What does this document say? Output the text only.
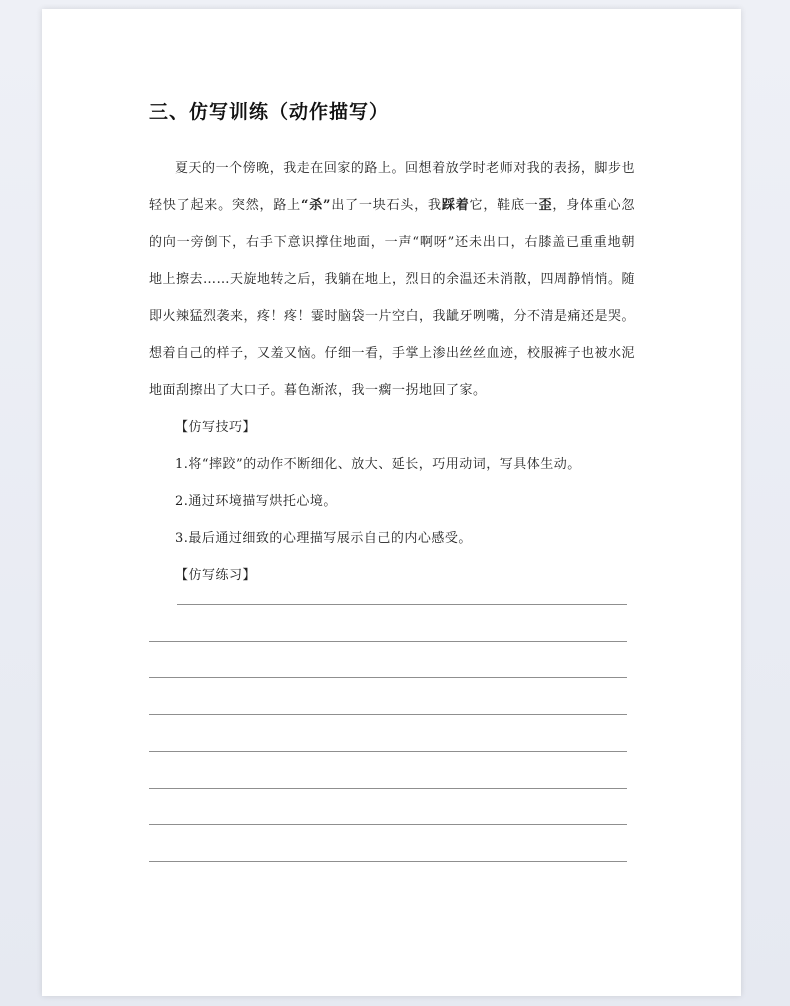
三、仿写训练（动作描写）

夏天的一个傍晚，我走在回家的路上。回想着放学时老师对我的表扬，脚步也轻快了起来。突然，路上“杀”出了一块石头，我踩着它，鞋底一歪，身体重心忽的向一旁倒下，右手下意识撑住地面，一声“啊呀”还未出口，右膝盖已重重地朝地上擦去……天旋地转之后，我躺在地上，烈日的余温还未消散，四周静悄悄。随即火辣猛烈袭来，疼！疼！霎时脑袋一片空白，我龇牙咧嘴，分不清是痛还是哭。想着自己的样子，又羞又恼。仔细一看，手掌上渗出丝丝血迹，校服裤子也被水泥地面刮擦出了大口子。暮色渐浓，我一瘸一拐地回了家。

【仿写技巧】

1.将“摔跤”的动作不断细化、放大、延长，巧用动词，写具体生动。

2.通过环境描写烘托心境。

3.最后通过细致的心理描写展示自己的内心感受。

【仿写练习】
